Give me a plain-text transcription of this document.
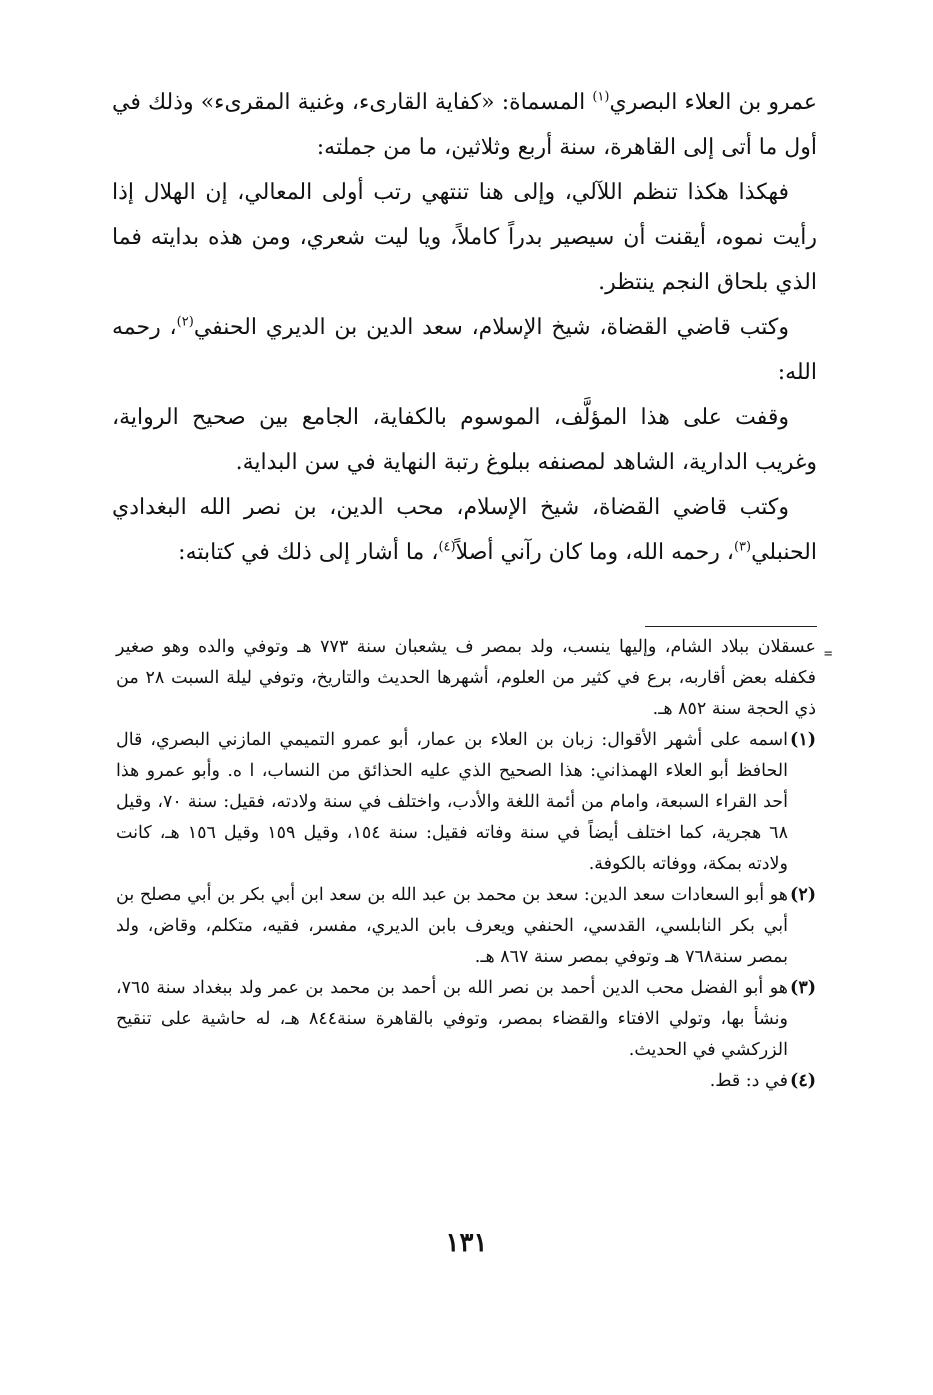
عمرو بن العلاء البصري$^{(١)}$ المسماة: «كفاية القارىء، وغنية المقرىء» وذلك في أول ما أتى إلى القاهرة، سنة أربع وثلاثين، ما من جملته:

فهكذا هكذا تنظم اللآلي، وإلى هنا تنتهي رتب أولى المعالي، إن الهلال إذا رأيت نموه، أيقنت أن سيصير بدراً كاملاً، ويا ليت شعري، ومن هذه بدايته فما الذي بلحاق النجم ينتظر.

وكتب قاضي القضاة، شيخ الإسلام، سعد الدين بن الديري الحنفي$^{(٢)}$، رحمه الله:

وقفت على هذا المؤلَّف، الموسوم بالكفاية، الجامع بين صحيح الرواية، وغريب الدارية، الشاهد لمصنفه ببلوغ رتبة النهاية في سن البداية.

وكتب قاضي القضاة، شيخ الإسلام، محب الدين، بن نصر الله البغدادي الحنبلي$^{(٣)}$، رحمه الله، وما كان رآني أصلاً$^{(٤)}$، ما أشار إلى ذلك في كتابته:

=

عسقلان ببلاد الشام، وإليها ينسب، ولد بمصر ف يشعبان سنة ٧٧٣ هـ وتوفي والده وهو صغير فكفله بعض أقاربه، برع في كثير من العلوم، أشهرها الحديث والتاريخ، وتوفي ليلة السبت ٢٨ من ذي الحجة سنة ٨٥٢ هـ.

(١)اسمه على أشهر الأقوال: زبان بن العلاء بن عمار، أبو عمرو التميمي المازني البصري، قال الحافظ أبو العلاء الهمذاني: هذا الصحيح الذي عليه الحذائق من النساب، ا ه. وأبو عمرو هذا أحد القراء السبعة، وامام من أئمة اللغة والأدب، واختلف في سنة ولادته، فقيل: سنة ٧٠، وقيل ٦٨ هجرية، كما اختلف أيضاً في سنة وفاته فقيل: سنة ١٥٤، وقيل ١٥٩ وقيل ١٥٦ هـ، كانت ولادته بمكة، ووفاته بالكوفة.

(٢)هو أبو السعادات سعد الدين: سعد بن محمد بن عبد الله بن سعد ابن أبي بكر بن أبي مصلح بن أبي بكر النابلسي، القدسي، الحنفي ويعرف بابن الديري، مفسر، فقيه، متكلم، وقاض، ولد بمصر سنة٧٦٨ هـ وتوفي بمصر سنة ٨٦٧ هـ.

(٣)هو أبو الفضل محب الدين أحمد بن نصر الله بن أحمد بن محمد بن عمر ولد ببغداد سنة ٧٦٥، ونشأ بها، وتولي الافتاء والقضاء بمصر، وتوفي بالقاهرة سنة٨٤٤ هـ، له حاشية على تنقيح الزركشي في الحديث.

(٤)في د: قط.

١٣١
